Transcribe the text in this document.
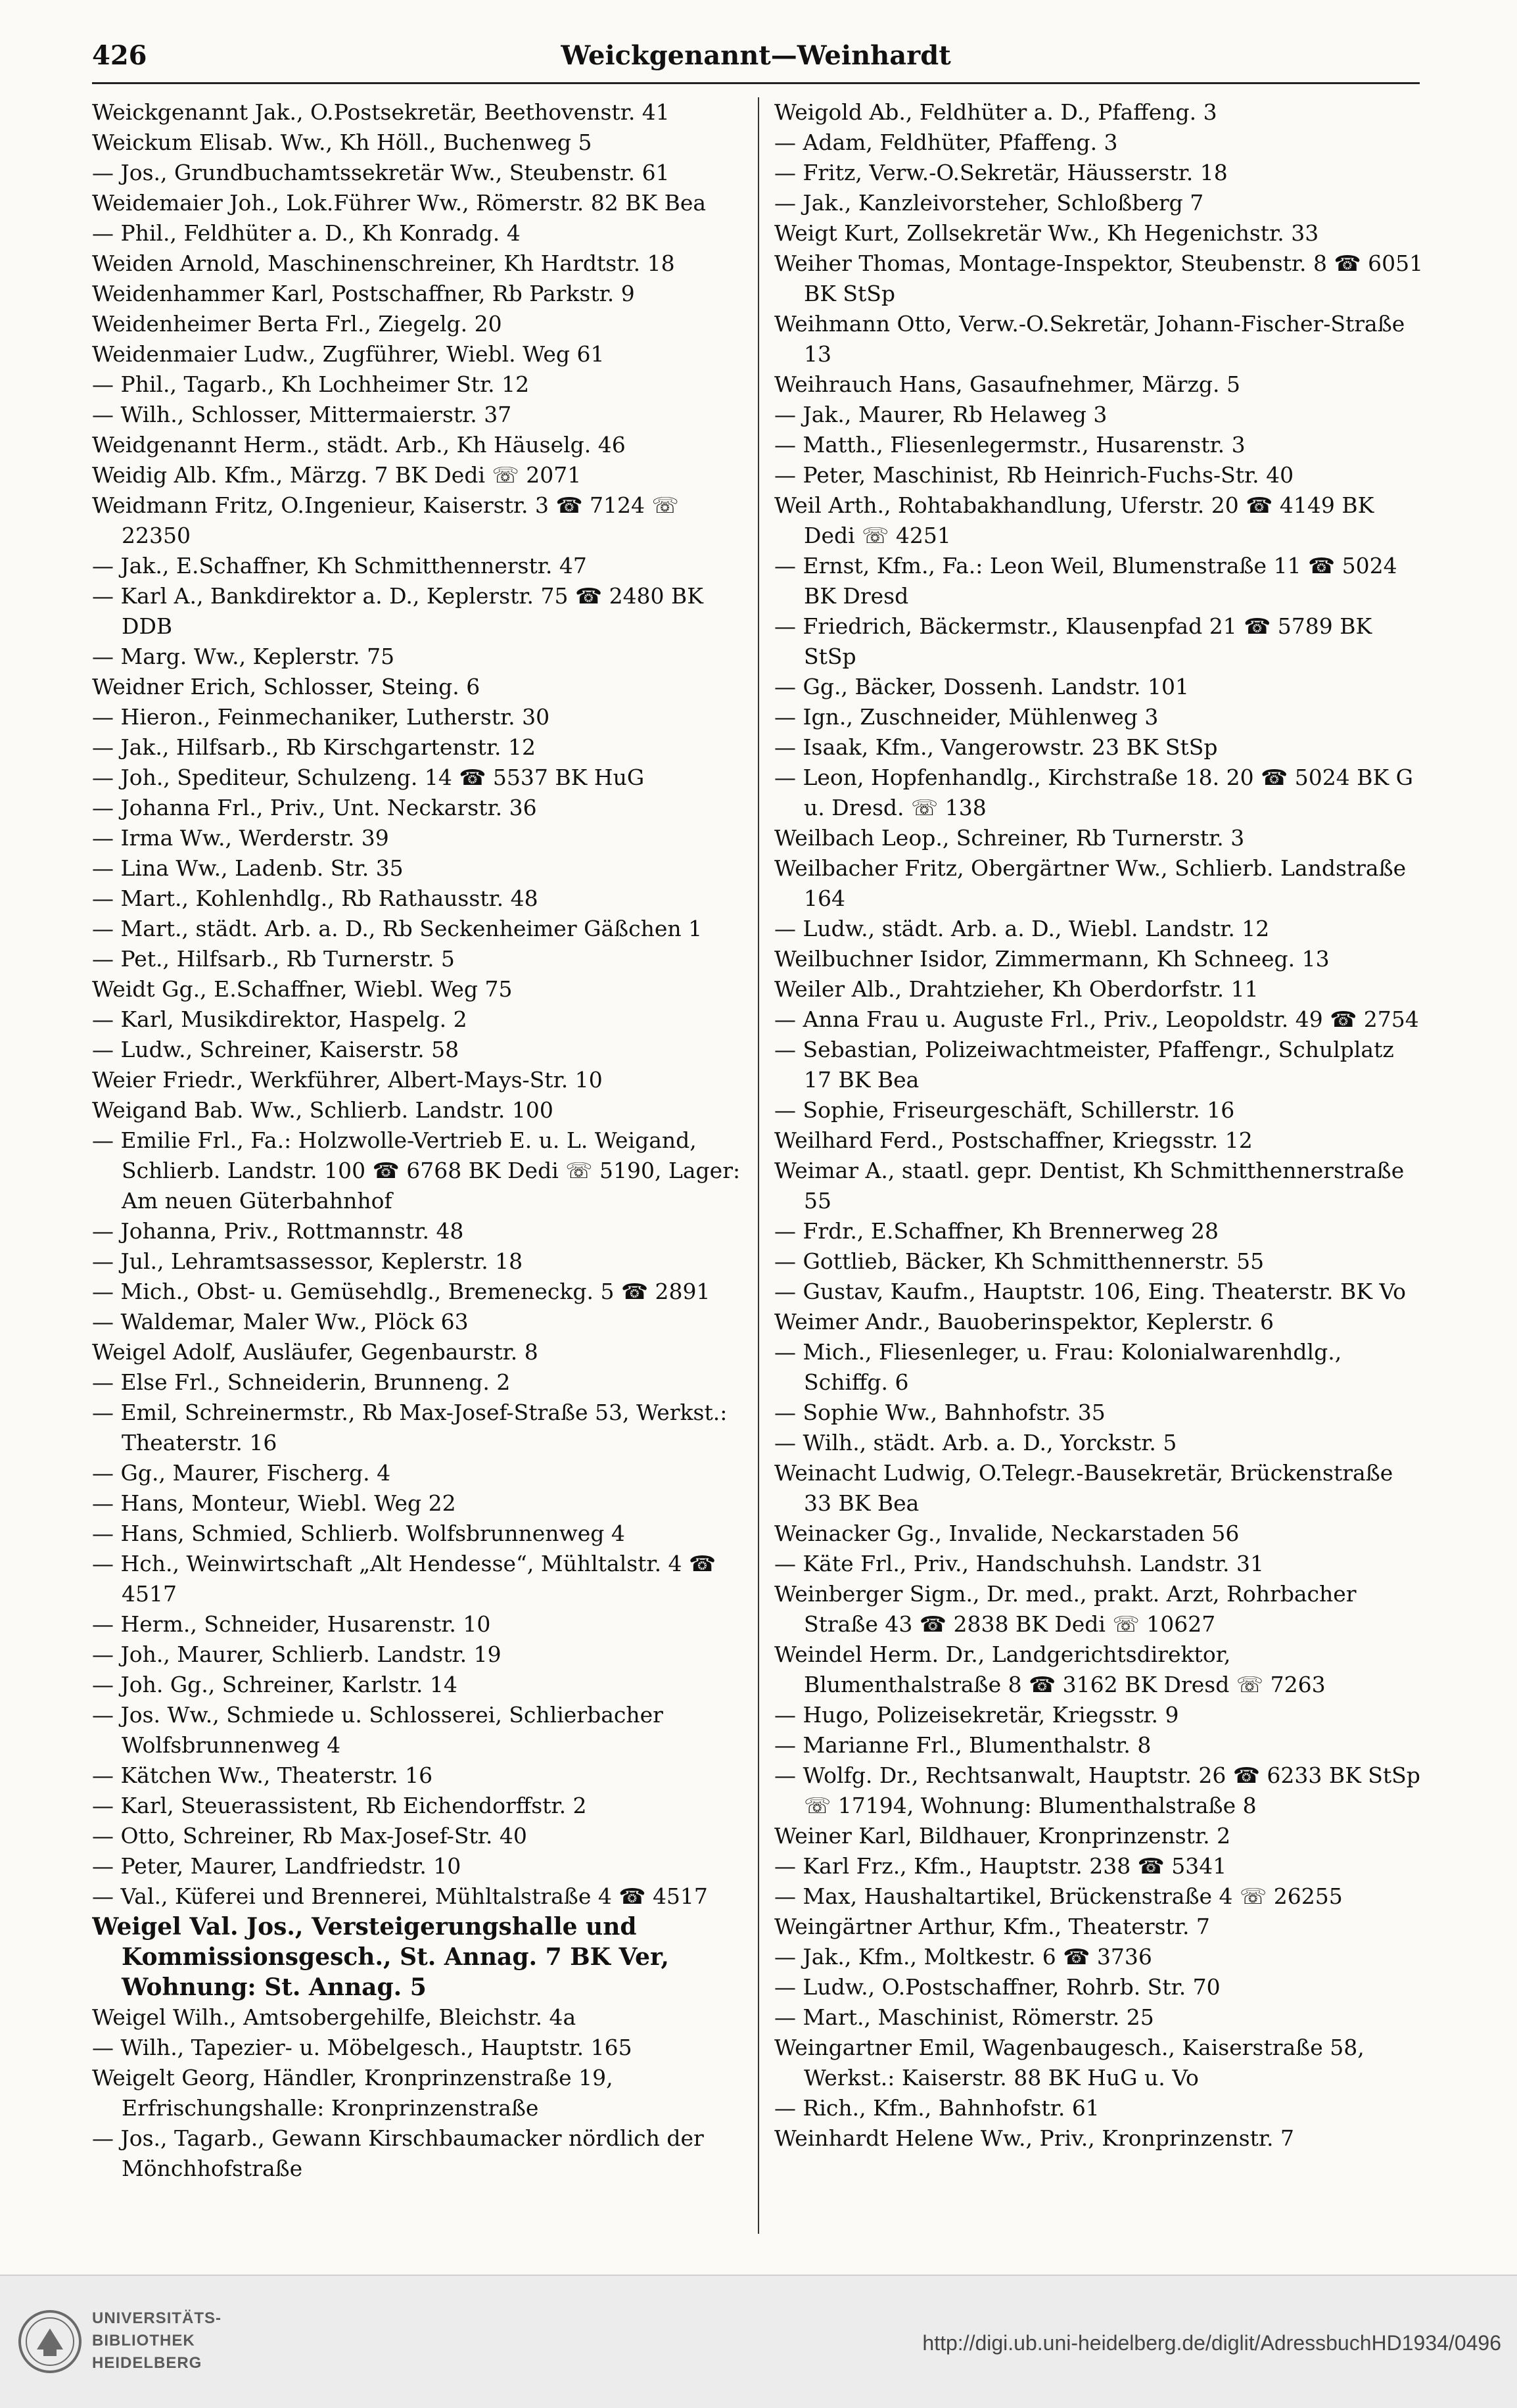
426	Weickgenannt—Weinhardt
Weickgenannt Jak., O.Postsekretär, Beethovenstr. 41
Weickum Elisab. Ww., Kh Höll., Buchenweg 5
— Jos., Grundbuchamtssekretär Ww., Steubenstr. 61
Weidemaier Joh., Lok.Führer Ww., Römerstr. 82 BK Bea
— Phil., Feldhüter a. D., Kh Konradg. 4
Weiden Arnold, Maschinenschreiner, Kh Hardtstr. 18
Weidenhammer Karl, Postschaffner, Rb Parkstr. 9
Weidenheimer Berta Frl., Ziegelg. 20
Weidenmaier Ludw., Zugführer, Wiebl. Weg 61
— Phil., Tagarb., Kh Lochheimer Str. 12
— Wilh., Schlosser, Mittermaierstr. 37
Weidgenannt Herm., städt. Arb., Kh Häuselg. 46
Weidig Alb. Kfm., Märzg. 7 BK Dedi ☏ 2071
Weidmann Fritz, O.Ingenieur, Kaiserstr. 3 ☎ 7124 ☏ 22350
— Jak., E.Schaffner, Kh Schmitthennerstr. 47
— Karl A., Bankdirektor a. D., Keplerstr. 75 ☎ 2480 BK DDB
— Marg. Ww., Keplerstr. 75
Weidner Erich, Schlosser, Steing. 6
— Hieron., Feinmechaniker, Lutherstr. 30
— Jak., Hilfsarb., Rb Kirschgartenstr. 12
— Joh., Spediteur, Schulzeng. 14 ☎ 5537 BK HuG
— Johanna Frl., Priv., Unt. Neckarstr. 36
— Irma Ww., Werderstr. 39
— Lina Ww., Ladenb. Str. 35
— Mart., Kohlenhdlg., Rb Rathausstr. 48
— Mart., städt. Arb. a. D., Rb Seckenheimer Gäßchen 1
— Pet., Hilfsarb., Rb Turnerstr. 5
Weidt Gg., E.Schaffner, Wiebl. Weg 75
— Karl, Musikdirektor, Haspelg. 2
— Ludw., Schreiner, Kaiserstr. 58
Weier Friedr., Werkführer, Albert-Mays-Str. 10
Weigand Bab. Ww., Schlierb. Landstr. 100
— Emilie Frl., Fa.: Holzwolle-Vertrieb E. u. L. Weigand, Schlierb. Landstr. 100 ☎ 6768 BK Dedi ☏ 5190, Lager: Am neuen Güterbahnhof
— Johanna, Priv., Rottmannstr. 48
— Jul., Lehramtsassessor, Keplerstr. 18
— Mich., Obst- u. Gemüsehdlg., Bremeneckg. 5 ☎ 2891
— Waldemar, Maler Ww., Plöck 63
Weigel Adolf, Ausläufer, Gegenbaurstr. 8
— Else Frl., Schneiderin, Brunneng. 2
— Emil, Schreinermstr., Rb Max-Josef-Straße 53, Werkst.: Theaterstr. 16
— Gg., Maurer, Fischerg. 4
— Hans, Monteur, Wiebl. Weg 22
— Hans, Schmied, Schlierb. Wolfsbrunnenweg 4
— Hch., Weinwirtschaft „Alt Hendesse“, Mühltalstr. 4 ☎ 4517
— Herm., Schneider, Husarenstr. 10
— Joh., Maurer, Schlierb. Landstr. 19
— Joh. Gg., Schreiner, Karlstr. 14
— Jos. Ww., Schmiede u. Schlosserei, Schlierbacher Wolfsbrunnenweg 4
— Kätchen Ww., Theaterstr. 16
— Karl, Steuerassistent, Rb Eichendorffstr. 2
— Otto, Schreiner, Rb Max-Josef-Str. 40
— Peter, Maurer, Landfriedstr. 10
— Val., Küferei und Brennerei, Mühltalstraße 4 ☎ 4517
Weigel Val. Jos., Versteigerungshalle und Kommissionsgesch., St. Annag. 7 BK Ver, Wohnung: St. Annag. 5
Weigel Wilh., Amtsobergehilfe, Bleichstr. 4a
— Wilh., Tapezier- u. Möbelgesch., Hauptstr. 165
Weigelt Georg, Händler, Kronprinzenstraße 19, Erfrischungshalle: Kronprinzenstraße
— Jos., Tagarb., Gewann Kirschbaumacker nördlich der Mönchhofstraße
Weigold Ab., Feldhüter a. D., Pfaffeng. 3
— Adam, Feldhüter, Pfaffeng. 3
— Fritz, Verw.-O.Sekretär, Häusserstr. 18
— Jak., Kanzleivorsteher, Schloßberg 7
Weigt Kurt, Zollsekretär Ww., Kh Hegenichstr. 33
Weiher Thomas, Montage-Inspektor, Steubenstr. 8 ☎ 6051 BK StSp
Weihmann Otto, Verw.-O.Sekretär, Johann-Fischer-Straße 13
Weihrauch Hans, Gasaufnehmer, Märzg. 5
— Jak., Maurer, Rb Helaweg 3
— Matth., Fliesenlegermstr., Husarenstr. 3
— Peter, Maschinist, Rb Heinrich-Fuchs-Str. 40
Weil Arth., Rohtabakhandlung, Uferstr. 20 ☎ 4149 BK Dedi ☏ 4251
— Ernst, Kfm., Fa.: Leon Weil, Blumenstraße 11 ☎ 5024 BK Dresd
— Friedrich, Bäckermstr., Klausenpfad 21 ☎ 5789 BK StSp
— Gg., Bäcker, Dossenh. Landstr. 101
— Ign., Zuschneider, Mühlenweg 3
— Isaak, Kfm., Vangerowstr. 23 BK StSp
— Leon, Hopfenhandlg., Kirchstraße 18. 20 ☎ 5024 BK G u. Dresd. ☏ 138
Weilbach Leop., Schreiner, Rb Turnerstr. 3
Weilbacher Fritz, Obergärtner Ww., Schlierb. Landstraße 164
— Ludw., städt. Arb. a. D., Wiebl. Landstr. 12
Weilbuchner Isidor, Zimmermann, Kh Schneeg. 13
Weiler Alb., Drahtzieher, Kh Oberdorfstr. 11
— Anna Frau u. Auguste Frl., Priv., Leopoldstr. 49 ☎ 2754
— Sebastian, Polizeiwachtmeister, Pfaffengr., Schulplatz 17 BK Bea
— Sophie, Friseurgeschäft, Schillerstr. 16
Weilhard Ferd., Postschaffner, Kriegsstr. 12
Weimar A., staatl. gepr. Dentist, Kh Schmitthennerstraße 55
— Frdr., E.Schaffner, Kh Brennerweg 28
— Gottlieb, Bäcker, Kh Schmitthennerstr. 55
— Gustav, Kaufm., Hauptstr. 106, Eing. Theaterstr. BK Vo
Weimer Andr., Bauoberinspektor, Keplerstr. 6
— Mich., Fliesenleger, u. Frau: Kolonialwarenhdlg., Schiffg. 6
— Sophie Ww., Bahnhofstr. 35
— Wilh., städt. Arb. a. D., Yorckstr. 5
Weinacht Ludwig, O.Telegr.-Bausekretär, Brückenstraße 33 BK Bea
Weinacker Gg., Invalide, Neckarstaden 56
— Käte Frl., Priv., Handschuhsh. Landstr. 31
Weinberger Sigm., Dr. med., prakt. Arzt, Rohrbacher Straße 43 ☎ 2838 BK Dedi ☏ 10627
Weindel Herm. Dr., Landgerichtsdirektor, Blumenthalstraße 8 ☎ 3162 BK Dresd ☏ 7263
— Hugo, Polizeisekretär, Kriegsstr. 9
— Marianne Frl., Blumenthalstr. 8
— Wolfg. Dr., Rechtsanwalt, Hauptstr. 26 ☎ 6233 BK StSp ☏ 17194, Wohnung: Blumenthalstraße 8
Weiner Karl, Bildhauer, Kronprinzenstr. 2
— Karl Frz., Kfm., Hauptstr. 238 ☎ 5341
— Max, Haushaltartikel, Brückenstraße 4 ☏ 26255
Weingärtner Arthur, Kfm., Theaterstr. 7
— Jak., Kfm., Moltkestr. 6 ☎ 3736
— Ludw., O.Postschaffner, Rohrb. Str. 70
— Mart., Maschinist, Römerstr. 25
Weingartner Emil, Wagenbaugesch., Kaiserstraße 58, Werkst.: Kaiserstr. 88 BK HuG u. Vo
— Rich., Kfm., Bahnhofstr. 61
Weinhardt Helene Ww., Priv., Kronprinzenstr. 7
UNIVERSITÄTS-
BIBLIOTHEK
HEIDELBERG
http://digi.ub.uni-heidelberg.de/diglit/AdressbuchHD1934/0496
